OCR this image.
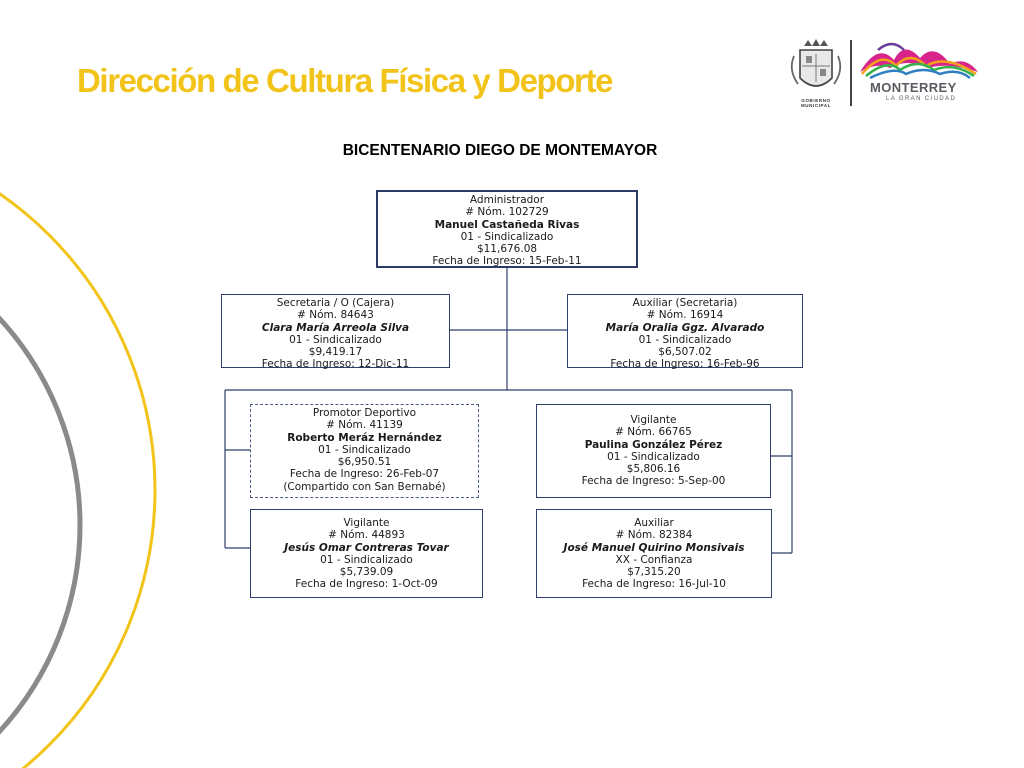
Dirección de Cultura Física y Deporte
GOBIERNO MUNICIPAL
MONTERREY
LA GRAN CIUDAD
BICENTENARIO DIEGO DE MONTEMAYOR
Administrador
# Nóm. 102729
Manuel Castañeda Rivas
01 - Sindicalizado
$11,676.08
Fecha de Ingreso: 15-Feb-11
Secretaria / O (Cajera)
# Nóm. 84643
Clara María Arreola Silva
01 - Sindicalizado
$9,419.17
Fecha de Ingreso: 12-Dic-11
Auxiliar (Secretaria)
# Nóm. 16914
María Oralia Ggz. Alvarado
01 - Sindicalizado
$6,507.02
Fecha de Ingreso: 16-Feb-96
Promotor Deportivo
# Nóm. 41139
Roberto Meráz Hernández
01 - Sindicalizado
$6,950.51
Fecha de Ingreso: 26-Feb-07
(Compartido con San Bernabé)
Vigilante
# Nóm. 66765
Paulina González Pérez
01 - Sindicalizado
$5,806.16
Fecha de Ingreso: 5-Sep-00
Vigilante
# Nóm. 44893
Jesús Omar Contreras Tovar
01 - Sindicalizado
$5,739.09
Fecha de Ingreso: 1-Oct-09
Auxiliar
# Nóm. 82384
José Manuel Quirino Monsivais
XX - Confianza
$7,315.20
Fecha de Ingreso: 16-Jul-10
